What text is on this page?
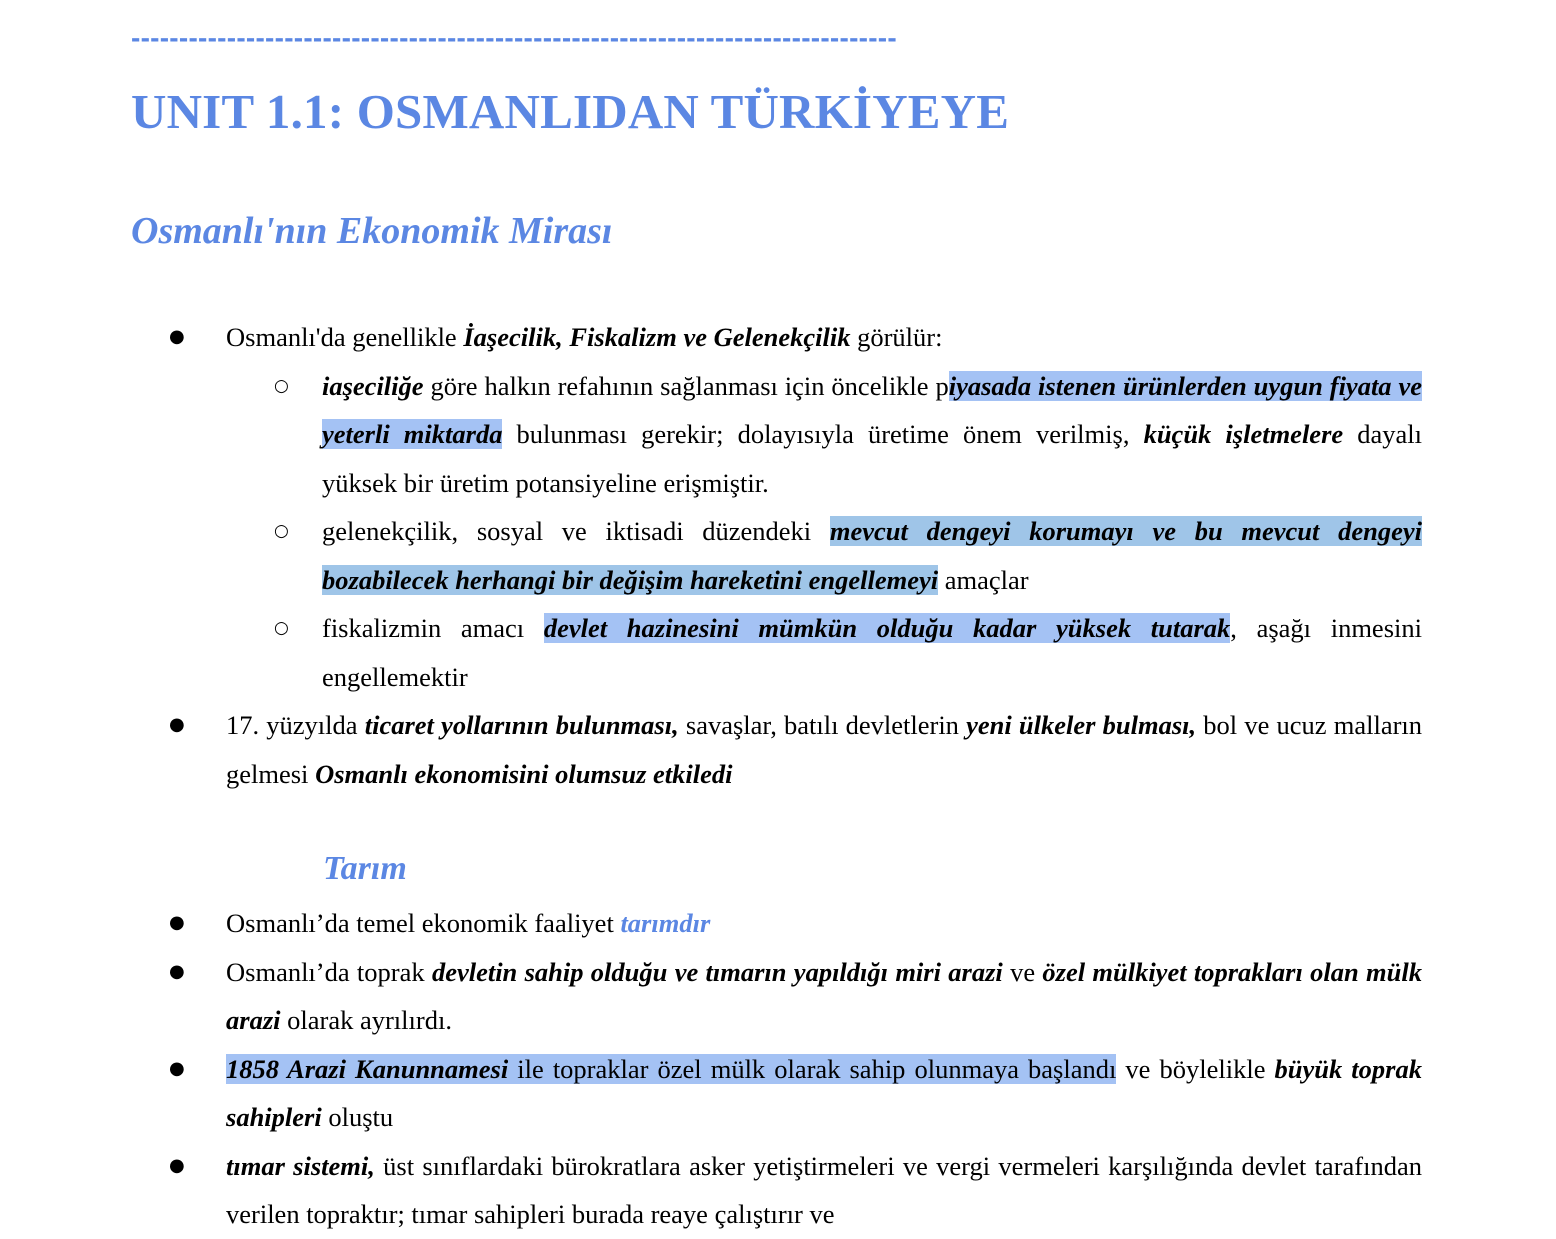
--------------------------------------------------------------------------------
UNIT 1.1: OSMANLIDAN TÜRKİYEYE
Osmanlı'nın Ekonomik Mirası
● Osmanlı'da genellikle İaşecilik, Fiskalizm ve Gelenekçilik görülür:
○ iaşeciliğe göre halkın refahının sağlanması için öncelikle piyasada istenen ürünlerden uygun fiyata ve yeterli miktarda bulunması gerekir; dolayısıyla üretime önem verilmiş, küçük işletmelere dayalı yüksek bir üretim potansiyeline erişmiştir.
○ gelenekçilik, sosyal ve iktisadi düzendeki mevcut dengeyi korumayı ve bu mevcut dengeyi bozabilecek herhangi bir değişim hareketini engellemeyi amaçlar
○ fiskalizmin amacı devlet hazinesini mümkün olduğu kadar yüksek tutarak, aşağı inmesini engellemektir
● 17. yüzyılda ticaret yollarının bulunması, savaşlar, batılı devletlerin yeni ülkeler bulması, bol ve ucuz malların gelmesi Osmanlı ekonomisini olumsuz etkiledi
Tarım
● Osmanlı’da temel ekonomik faaliyet tarımdır
● Osmanlı’da toprak devletin sahip olduğu ve tımarın yapıldığı miri arazi ve özel mülkiyet toprakları olan mülk arazi olarak ayrılırdı.
● 1858 Arazi Kanunnamesi ile topraklar özel mülk olarak sahip olunmaya başlandı ve böylelikle büyük toprak sahipleri oluştu
● tımar sistemi, üst sınıflardaki bürokratlara asker yetiştirmeleri ve vergi vermeleri karşılığında devlet tarafından verilen topraktır; tımar sahipleri burada reaye çalıştırır ve
